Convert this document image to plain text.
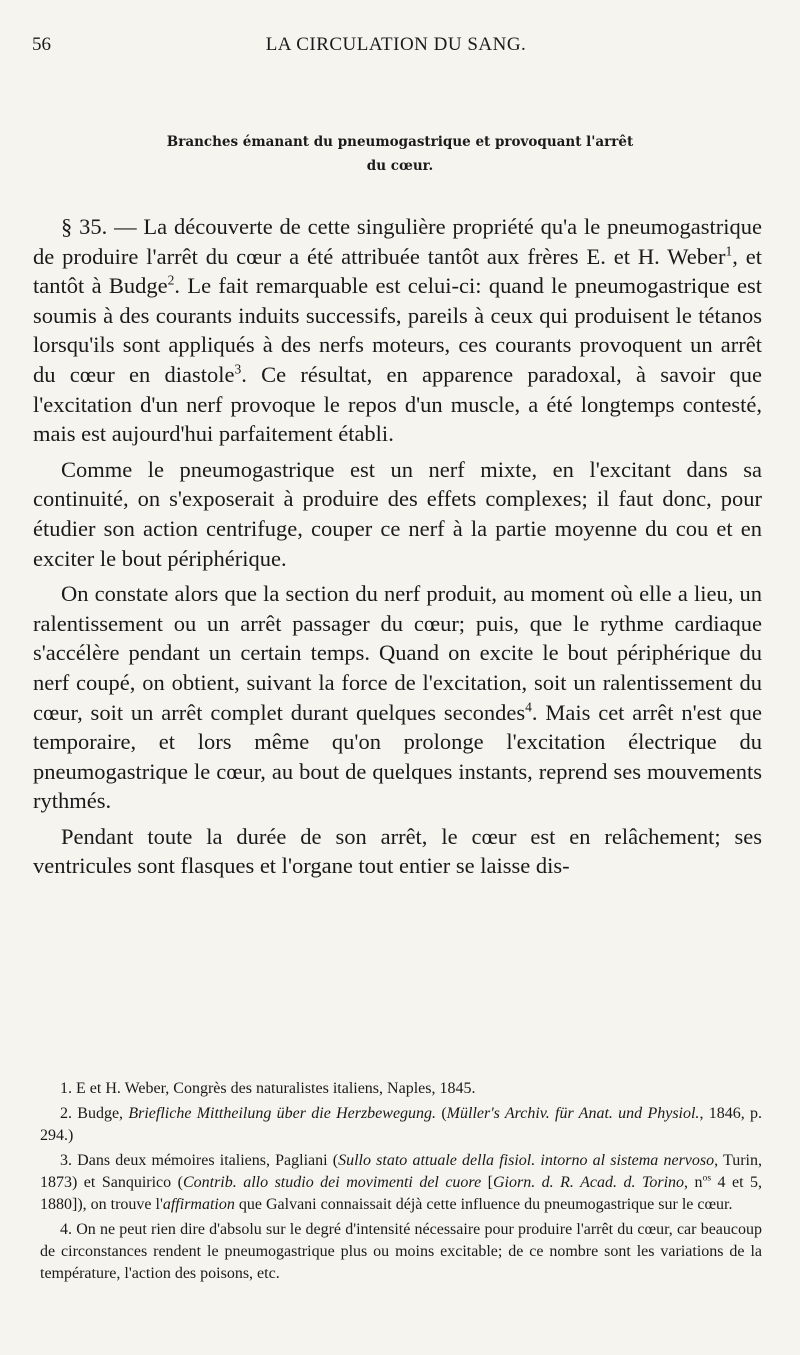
56	LA CIRCULATION DU SANG.
Branches émanant du pneumogastrique et provoquant l'arrêt
du cœur.

§ 35. — La découverte de cette singulière propriété qu'a le pneumogastrique de produire l'arrêt du cœur a été attribuée tantôt aux frères E. et H. Weber$^1$, et tantôt à Budge$^2$. Le fait remarquable est celui-ci: quand le pneumogastrique est soumis à des courants induits successifs, pareils à ceux qui produisent le tétanos lorsqu'ils sont appliqués à des nerfs moteurs, ces courants provoquent un arrêt du cœur en diastole$^3$. Ce résultat, en apparence paradoxal, à savoir que l'excitation d'un nerf provoque le repos d'un muscle, a été longtemps contesté, mais est aujourd'hui parfaitement établi.

Comme le pneumogastrique est un nerf mixte, en l'excitant dans sa continuité, on s'exposerait à produire des effets complexes; il faut donc, pour étudier son action centrifuge, couper ce nerf à la partie moyenne du cou et en exciter le bout périphérique.

On constate alors que la section du nerf produit, au moment où elle a lieu, un ralentissement ou un arrêt passager du cœur; puis, que le rythme cardiaque s'accélère pendant un certain temps. Quand on excite le bout périphérique du nerf coupé, on obtient, suivant la force de l'excitation, soit un ralentissement du cœur, soit un arrêt complet durant quelques secondes$^4$. Mais cet arrêt n'est que temporaire, et lors même qu'on prolonge l'excitation électrique du pneumogastrique le cœur, au bout de quelques instants, reprend ses mouvements rythmés.

Pendant toute la durée de son arrêt, le cœur est en relâchement; ses ventricules sont flasques et l'organe tout entier se laisse dis-

1. E et H. Weber, Congrès des naturalistes italiens, Naples, 1845.

2. Budge, Briefliche Mittheilung über die Herzbewegung. (Müller's Archiv. für Anat. und Physiol., 1846, p. 294.)

3. Dans deux mémoires italiens, Pagliani (Sullo stato attuale della fisiol. intorno al sistema nervoso, Turin, 1873) et Sanquirico (Contrib. allo studio dei movimenti del cuore [Giorn. d. R. Acad. d. Torino, $n^{os}$ 4 et 5, 1880]), on trouve l'affirmation que Galvani connaissait déjà cette influence du pneumogastrique sur le cœur.

4. On ne peut rien dire d'absolu sur le degré d'intensité nécessaire pour produire l'arrêt du cœur, car beaucoup de circonstances rendent le pneumogastrique plus ou moins excitable; de ce nombre sont les variations de la température, l'action des poisons, etc.
